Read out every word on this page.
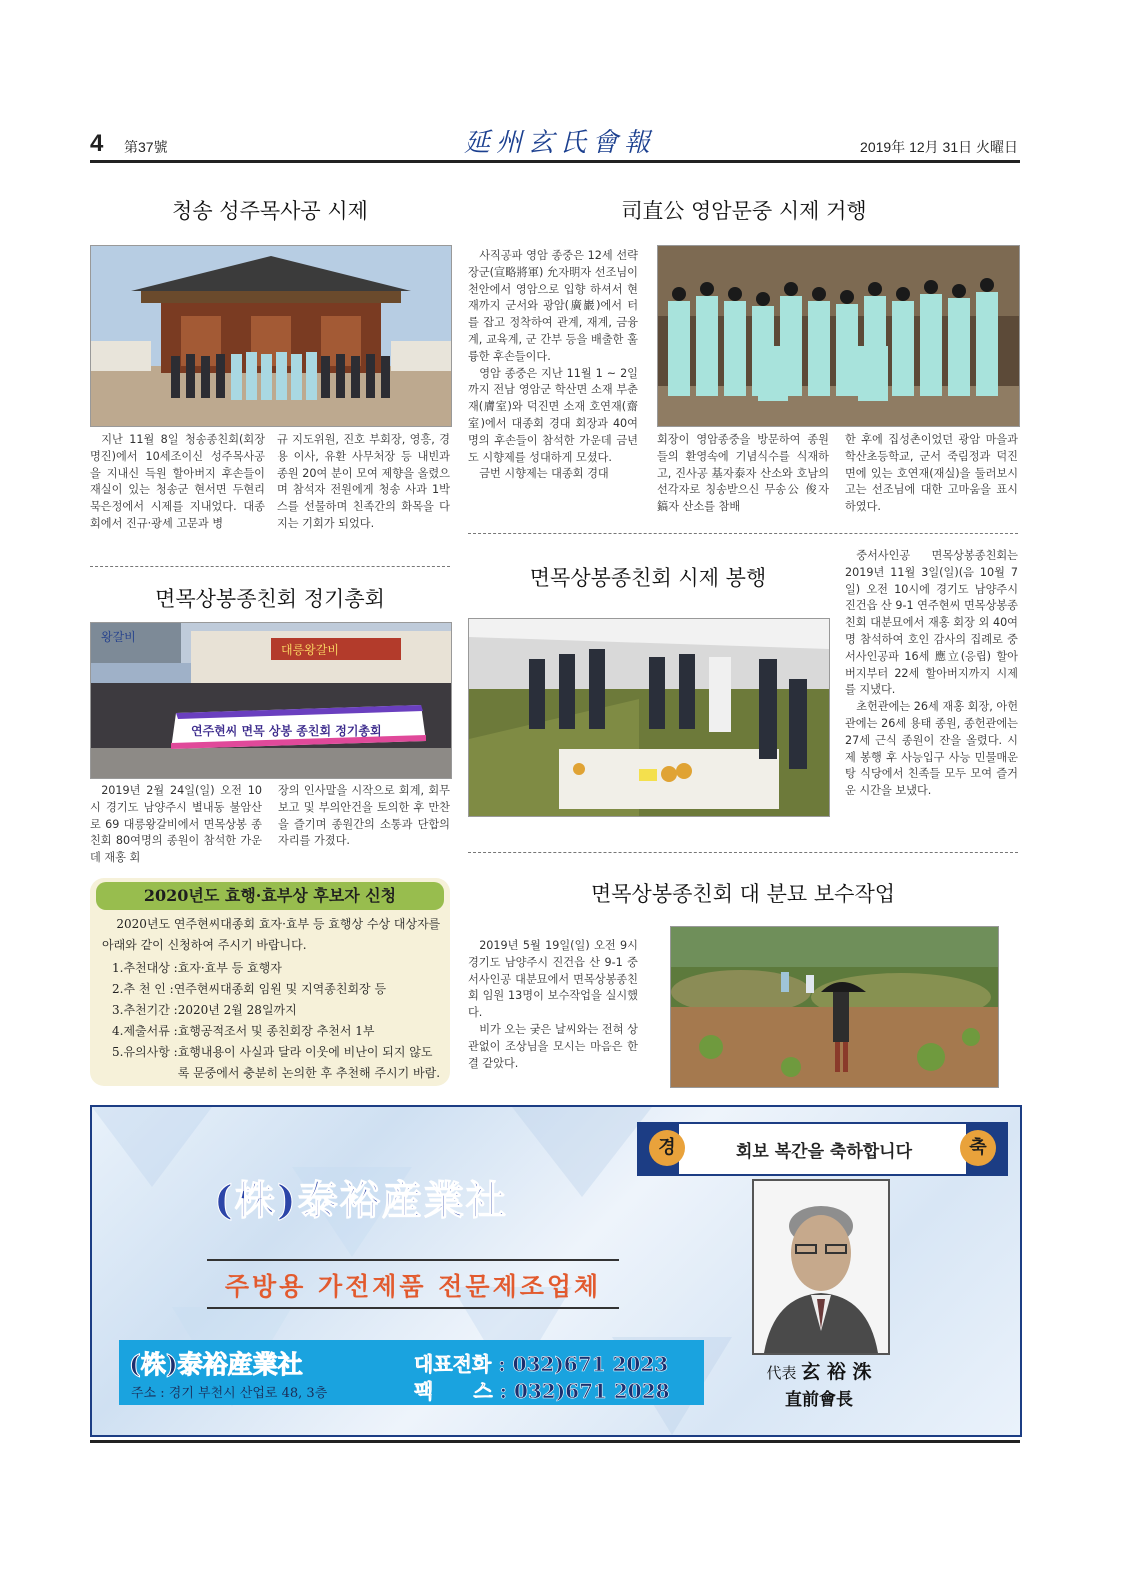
4 第37號	延州玄氏會報	2019年 12月 31日 火曜日
청송 성주목사공 시제

지난 11월 8일 청송종친회(회장 명진)에서 10세조이신 성주목사공을 지내신 득원 할아버지 후손들이 재실이 있는 청송군 현서면 두현리 묵은정에서 시제를 지내었다. 대종회에서 진규·광세 고문과 병

규 지도위원, 진호 부회장, 영흥, 경용 이사, 유환 사무처장 등 내빈과 종원 20여 분이 모여 제향을 올렸으며 참석자 전원에게 청송 사과 1박스를 선물하며 친족간의 화목을 다지는 기회가 되었다.

司直公 영암문중 시제 거행

사직공파 영암 종중은 12세 선략장군(宣略將軍) 允자明자 선조님이 천안에서 영암으로 입향 하셔서 현재까지 군서와 광암(廣巖)에서 터를 잡고 정착하여 관계, 재계, 금융계, 교육계, 군 간부 등을 배출한 훌륭한 후손들이다.

영암 종중은 지난 11월 1 ~ 2일까지 전남 영암군 학산면 소재 부춘재(膚室)와 덕진면 소재 호연재(齋室)에서 대종회 경대 회장과 40여명의 후손들이 참석한 가운데 금년도 시향제를 성대하게 모셨다.

금번 시향제는 대종회 경대

회장이 영암종중을 방문하여 종원들의 환영속에 기념식수를 식재하고, 진사공 基자泰자 산소와 호남의 선각자로 칭송받으신 무송公 俊자 鎬자 산소를 참배

한 후에 집성촌이었던 광암 마을과 학산초등학교, 군서 죽림정과 덕진면에 있는 호연재(재실)을 둘러보시고는 선조님에 대한 고마움을 표시하였다.

면목상봉종친회 정기총회
왕갈비
대릉왕갈비
연주현씨 면목 상봉 종친회 정기총회

2019년 2월 24일(일) 오전 10시 경기도 남양주시 별내동 불암산로 69 대릉왕갈비에서 면목상봉 종친회 80여명의 종원이 참석한 가운데 재홍 회

장의 인사말을 시작으로 회계, 회무 보고 및 부의안건을 토의한 후 만찬을 즐기며 종원간의 소통과 단합의 자리를 가졌다.

면목상봉종친회 시제 봉행

중서사인공 면목상봉종친회는 2019년 11월 3일(일)(음 10월 7일) 오전 10시에 경기도 남양주시 진건읍 산 9-1 연주현씨 면목상봉종친회 대분묘에서 재홍 회장 외 40여명 참석하여 호인 감사의 집례로 중서사인공파 16세 應立(응립) 할아버지부터 22세 할아버지까지 시제를 지냈다.

초헌관에는 26세 재홍 회장, 아헌관에는 26세 용태 종원, 종헌관에는 27세 근식 종원이 잔을 올렸다. 시제 봉행 후 사능입구 사능 민물매운탕 식당에서 친족들 모두 모여 즐거운 시간을 보냈다.

2020년도 효행·효부상 후보자 신청
2020년도 연주현씨대종회 효자·효부 등 효행상 수상 대상자를 아래와 같이 신청하여 주시기 바랍니다.
1.추천대상 :효자·효부 등 효행자
2.추 천 인 :연주현씨대종회 임원 및 지역종친회장 등
3.추천기간 :2020년 2월 28일까지
4.제출서류 :효행공적조서 및 종친회장 추천서 1부
5.유의사항 : 효행내용이 사실과 달라 이웃에 비난이 되지 않도록 문중에서 충분히 논의한 후 추천해 주시기 바람.
면목상봉종친회 대 분묘 보수작업

2019년 5월 19일(일) 오전 9시 경기도 남양주시 진건읍 산 9-1 중서사인공 대분묘에서 면목상봉종친회 임원 13명이 보수작업을 실시했다.

비가 오는 궂은 날씨와는 전혀 상관없이 조상님을 모시는 마음은 한결 같았다.

경	회보 복간을 축하합니다	축
(株)泰裕産業社
주방용 가전제품 전문제조업체
(株)泰裕産業社
주소 : 경기 부천시 산업로 48, 3층
대표전화 : 032)671 2023
팩　　스 : 032)671 2028
代表 玄 裕 洙
直前會長
